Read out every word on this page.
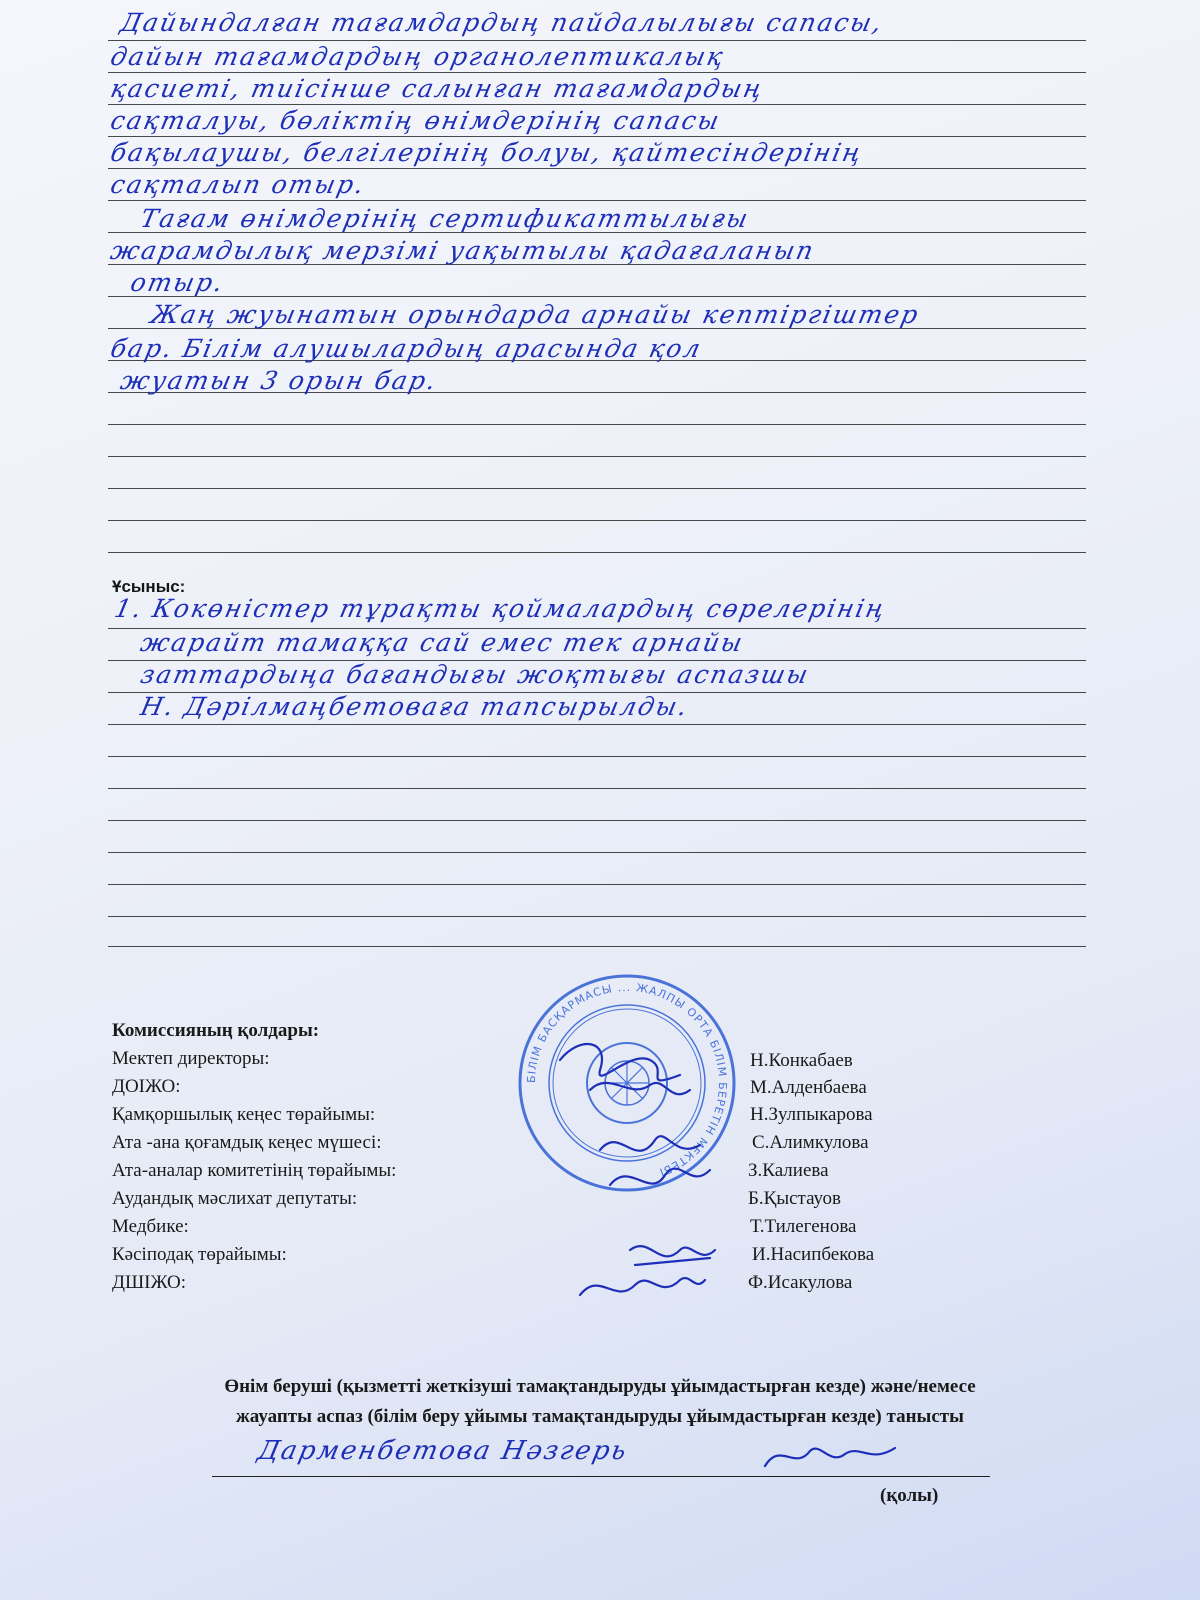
Дайындалған тағамдардың пайдалылығы сапасы,
дайын тағамдардың органолептикалық
қасиеті, тиісінше салынған тағамдардың
сақталуы, бөліктің өнімдерінің сапасы
бақылаушы, белгілерінің болуы, қайтесіндерінің
сақталып отыр.
Тағам өнімдерінің сертификаттылығы
жарамдылық мерзімі уақытылы қадағаланып
отыр.
Жаң жуынатын орындарда арнайы кептіргіштер
бар. Білім алушылардың арасында қол
жуатын 3 орын бар.
Ұсыныс:
1. Кокөністер тұрақты қоймалардың сөрелерінің
жарайт тамаққа сай емес тек арнайы
заттардыңа бағандығы жоқтығы аспазшы
Н. Дәрілмаңбетоваға тапсырылды.
БІЛІМ БАСҚАРМАСЫ ... ЖАЛПЫ ОРТА БІЛІМ БЕРЕТІН МЕКТЕБІ
Комиссияның қолдары:
Мектеп директоры:
ДОІЖО:
Қамқоршылық кеңес төрайымы:
Ата -ана қоғамдық кеңес мүшесі:
Ата-аналар комитетінің төрайымы:
Аудандық мәслихат депутаты:
Медбике:
Кәсіподақ төрайымы:
ДШІЖО:
Н.Конкабаев
М.Алденбаева
Н.Зулпыкарова
С.Алимкулова
З.Калиева
Б.Қыстауов
Т.Тилегенова
И.Насипбекова
Ф.Исакулова
Өнім беруші (қызметті жеткізуші тамақтандыруды ұйымдастырған кезде) және/немесе
жауапты аспаз (білім беру ұйымы тамақтандыруды ұйымдастырған кезде) танысты
Дарменбетова Нәзгерь
(қолы)
